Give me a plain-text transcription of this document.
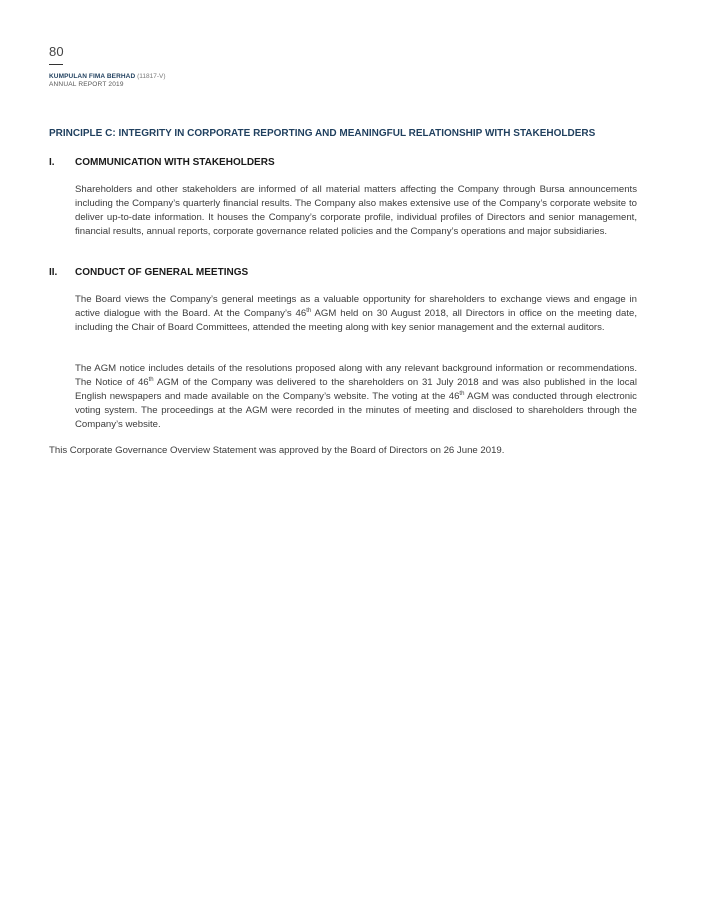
80
KUMPULAN FIMA BERHAD (11817-V)
ANNUAL REPORT 2019
PRINCIPLE C: INTEGRITY IN CORPORATE REPORTING AND MEANINGFUL RELATIONSHIP WITH STAKEHOLDERS
I. COMMUNICATION WITH STAKEHOLDERS

Shareholders and other stakeholders are informed of all material matters affecting the Company through Bursa announcements including the Company’s quarterly financial results. The Company also makes extensive use of the Company’s corporate website to deliver up-to-date information. It houses the Company’s corporate profile, individual profiles of Directors and senior management, financial results, annual reports, corporate governance related policies and the Company’s operations and major subsidiaries.

II. CONDUCT OF GENERAL MEETINGS

The Board views the Company’s general meetings as a valuable opportunity for shareholders to exchange views and engage in active dialogue with the Board. At the Company’s 46th AGM held on 30 August 2018, all Directors in office on the meeting date, including the Chair of Board Committees, attended the meeting along with key senior management and the external auditors.

The AGM notice includes details of the resolutions proposed along with any relevant background information or recommendations. The Notice of 46th AGM of the Company was delivered to the shareholders on 31 July 2018 and was also published in the local English newspapers and made available on the Company’s website. The voting at the 46th AGM was conducted through electronic voting system. The proceedings at the AGM were recorded in the minutes of meeting and disclosed to shareholders through the Company’s website.

This Corporate Governance Overview Statement was approved by the Board of Directors on 26 June 2019.
